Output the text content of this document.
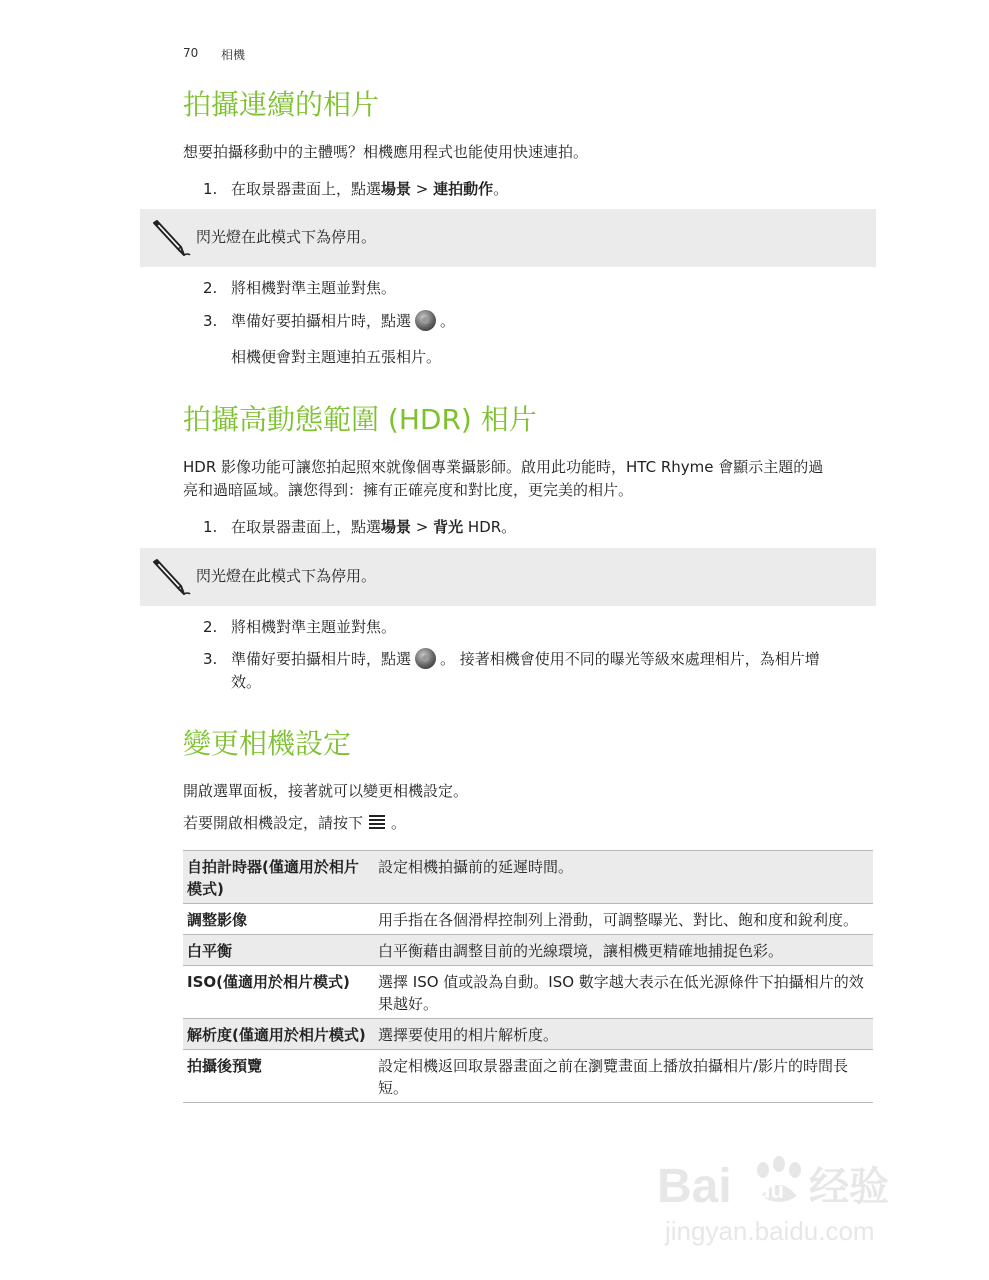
70 相機
拍攝連續的相片
想要拍攝移動中的主體嗎？相機應用程式也能使用快速連拍。
1. 在取景器畫面上，點選場景 > 連拍動作。
閃光燈在此模式下為停用。
2. 將相機對準主題並對焦。
3. 準備好要拍攝相片時，點選 。
相機便會對主題連拍五張相片。
拍攝高動態範圍 (HDR) 相片
HDR 影像功能可讓您拍起照來就像個專業攝影師。啟用此功能時，HTC Rhyme 會顯示主題的過
亮和過暗區域。讓您得到：擁有正確亮度和對比度，更完美的相片。
1. 在取景器畫面上，點選場景 > 背光 HDR。
閃光燈在此模式下為停用。
2. 將相機對準主題並對焦。
3. 準備好要拍攝相片時，點選 。 接著相機會使用不同的曝光等級來處理相片，為相片增
效。
變更相機設定
開啟選單面板，接著就可以變更相機設定。
若要開啟相機設定，請按下 。
自拍計時器(僅適用於相片模式)	設定相機拍攝前的延遲時間。
調整影像	用手指在各個滑桿控制列上滑動，可調整曝光、對比、飽和度和銳利度。
白平衡	白平衡藉由調整目前的光線環境，讓相機更精確地捕捉色彩。
ISO(僅適用於相片模式)	選擇 ISO 值或設為自動。ISO 數字越大表示在低光源條件下拍攝相片的效果越好。
解析度(僅適用於相片模式)	選擇要使用的相片解析度。
拍攝後預覽	設定相機返回取景器畫面之前在瀏覽畫面上播放拍攝相片/影片的時間長短。
Bai du 经验
jingyan.baidu.com
